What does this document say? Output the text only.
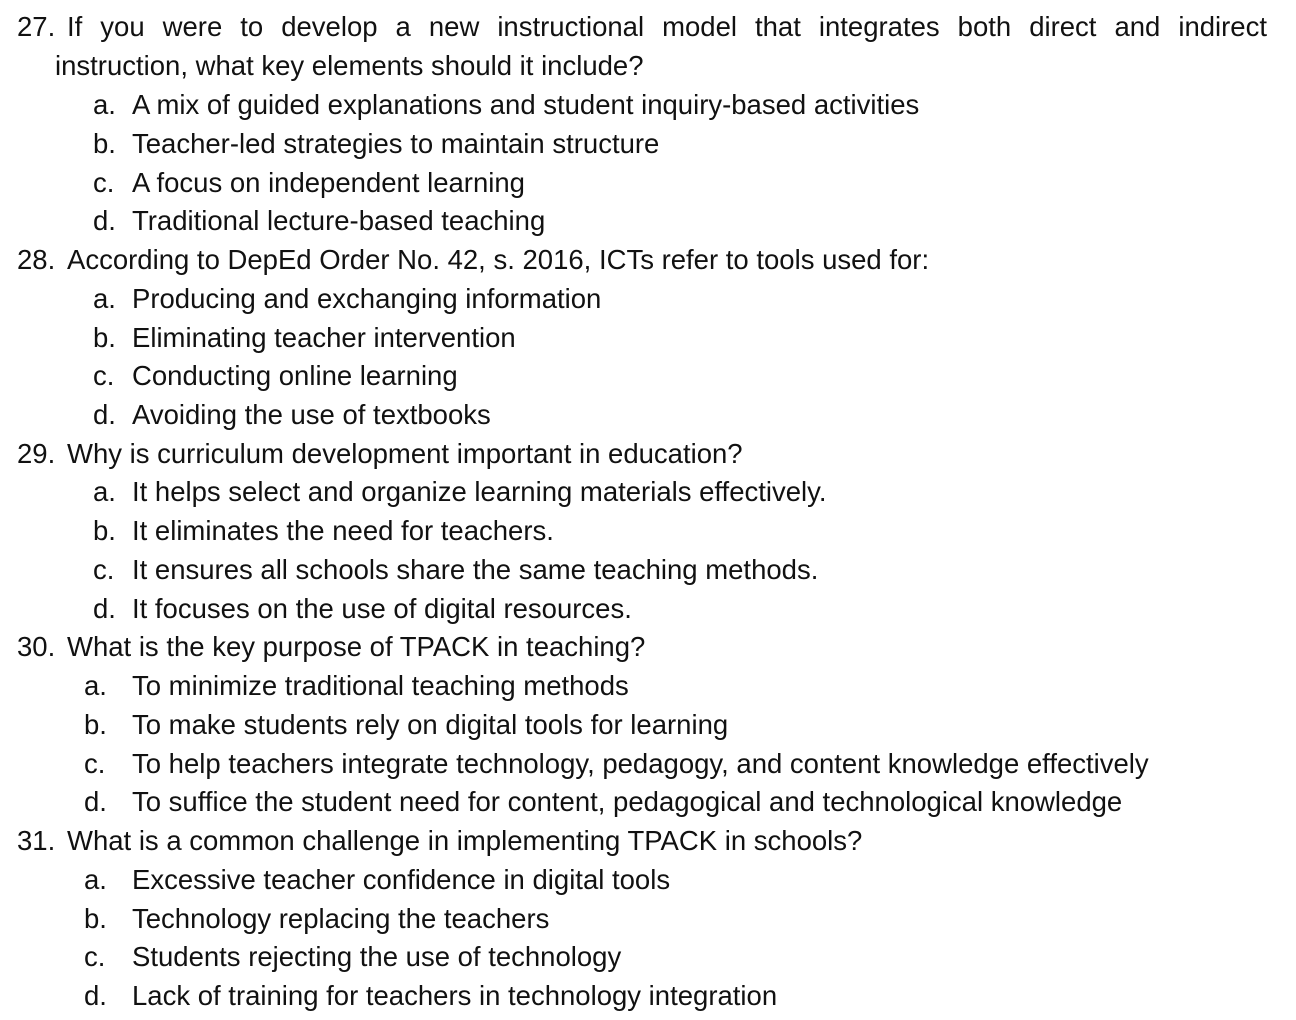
27. If you were to develop a new instructional model that integrates both direct and indirect
instruction, what key elements should it include?
a. A mix of guided explanations and student inquiry-based activities
b. Teacher-led strategies to maintain structure
c. A focus on independent learning
d. Traditional lecture-based teaching
28. According to DepEd Order No. 42, s. 2016, ICTs refer to tools used for:
a. Producing and exchanging information
b. Eliminating teacher intervention
c. Conducting online learning
d. Avoiding the use of textbooks
29. Why is curriculum development important in education?
a. It helps select and organize learning materials effectively.
b. It eliminates the need for teachers.
c. It ensures all schools share the same teaching methods.
d. It focuses on the use of digital resources.
30. What is the key purpose of TPACK in teaching?
a. To minimize traditional teaching methods
b. To make students rely on digital tools for learning
c. To help teachers integrate technology, pedagogy, and content knowledge effectively
d. To suffice the student need for content, pedagogical and technological knowledge
31. What is a common challenge in implementing TPACK in schools?
a. Excessive teacher confidence in digital tools
b. Technology replacing the teachers
c. Students rejecting the use of technology
d. Lack of training for teachers in technology integration
